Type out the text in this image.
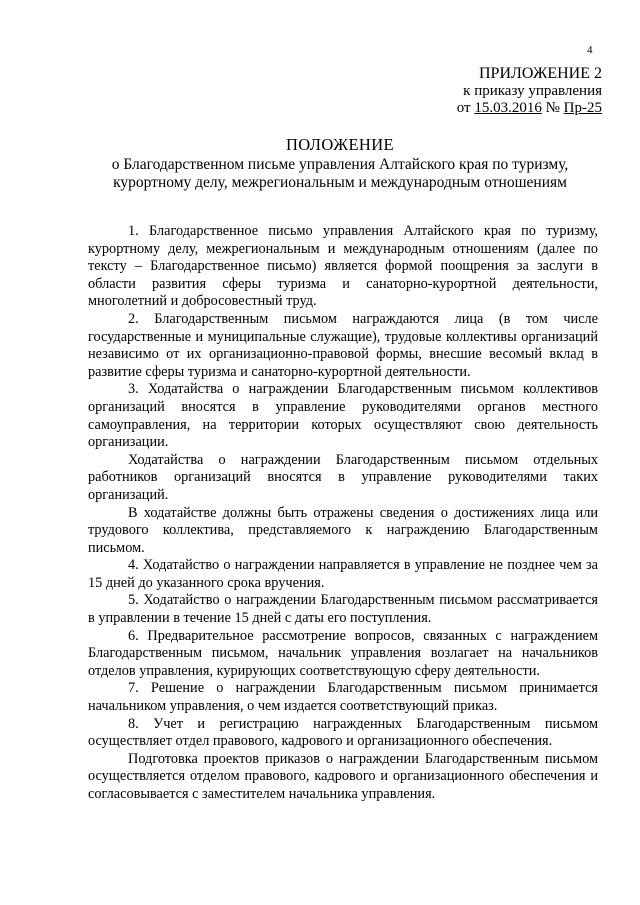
4
ПРИЛОЖЕНИЕ 2
к приказу управления
от 15.03.2016 № Пр-25
ПОЛОЖЕНИЕ
о Благодарственном письме управления Алтайского края по туризму, курортному делу, межрегиональным и международным отношениям

1. Благодарственное письмо управления Алтайского края по туризму, курортному делу, межрегиональным и международным отношениям (далее по тексту – Благодарственное письмо) является формой поощрения за заслуги в области развития сферы туризма и санаторно-курортной деятельности, многолетний и добросовестный труд.

2. Благодарственным письмом награждаются лица (в том числе государственные и муниципальные служащие), трудовые коллективы организаций независимо от их организационно-правовой формы, внесшие весомый вклад в развитие сферы туризма и санаторно-курортной деятельности.

3. Ходатайства о награждении Благодарственным письмом коллективов организаций вносятся в управление руководителями органов местного самоуправления, на территории которых осуществляют свою деятельность организации.

Ходатайства о награждении Благодарственным письмом отдельных работников организаций вносятся в управление руководителями таких организаций.

В ходатайстве должны быть отражены сведения о достижениях лица или трудового коллектива, представляемого к награждению Благодарственным письмом.

4. Ходатайство о награждении направляется в управление не позднее чем за 15 дней до указанного срока вручения.

5. Ходатайство о награждении Благодарственным письмом рассматривается в управлении в течение 15 дней с даты его поступления.

6. Предварительное рассмотрение вопросов, связанных с награждением Благодарственным письмом, начальник управления возлагает на начальников отделов управления, курирующих соответствующую сферу деятельности.

7. Решение о награждении Благодарственным письмом принимается начальником управления, о чем издается соответствующий приказ.

8. Учет и регистрацию награжденных Благодарственным письмом осуществляет отдел правового, кадрового и организационного обеспечения.

Подготовка проектов приказов о награждении Благодарственным письмом осуществляется отделом правового, кадрового и организационного обеспечения и согласовывается с заместителем начальника управления.
